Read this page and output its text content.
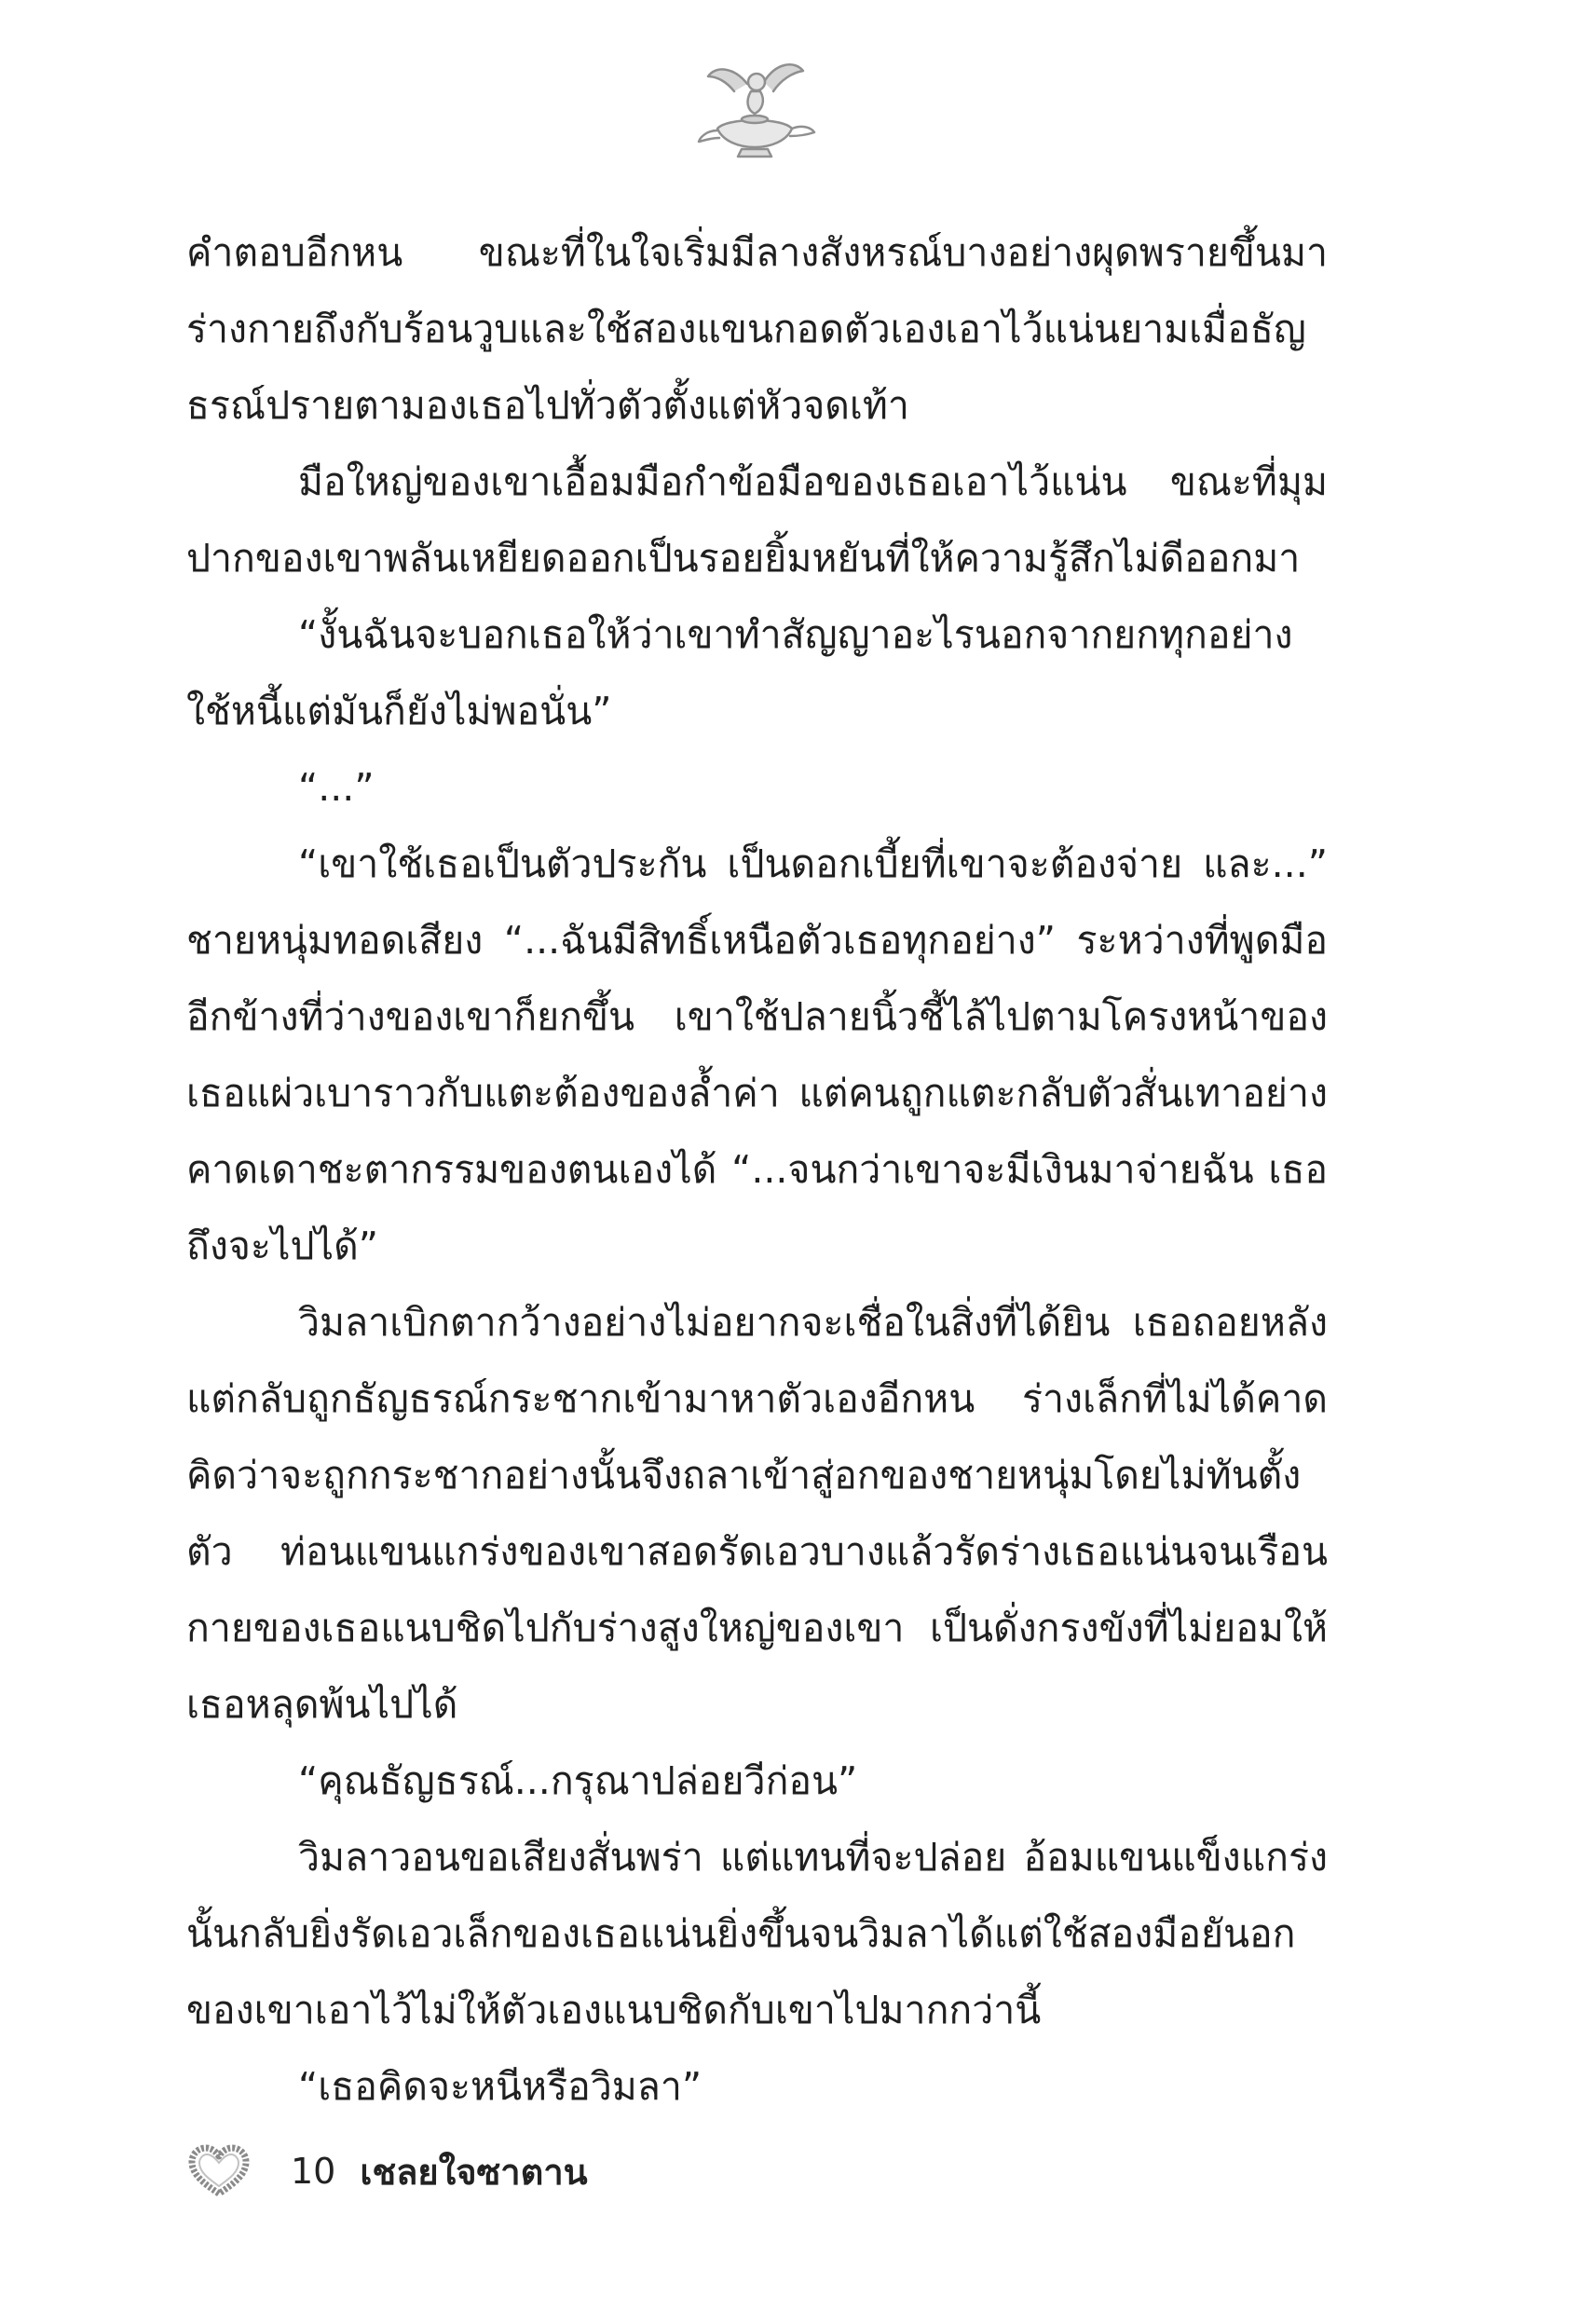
คำตอบอีกหน ขณะที่ในใจเริ่มมีลางสังหรณ์บางอย่างผุดพรายขึ้นมา ร่างกายถึงกับร้อนวูบและใช้สองแขนกอดตัวเองเอาไว้แน่นยามเมื่อธัญธรณ์ปรายตามองเธอไปทั่วตัวตั้งแต่หัวจดเท้า

มือใหญ่ของเขาเอื้อมมือกำข้อมือของเธอเอาไว้แน่น ขณะที่มุมปากของเขาพลันเหยียดออกเป็นรอยยิ้มหยันที่ให้ความรู้สึกไม่ดีออกมา

“งั้นฉันจะบอกเธอให้ว่าเขาทำสัญญาอะไรนอกจากยกทุกอย่างใช้หนี้แต่มันก็ยังไม่พอนั่น”

“...”

“เขาใช้เธอเป็นตัวประกัน เป็นดอกเบี้ยที่เขาจะต้องจ่าย และ...” ชายหนุ่มทอดเสียง “...ฉันมีสิทธิ์เหนือตัวเธอทุกอย่าง” ระหว่างที่พูดมืออีกข้างที่ว่างของเขาก็ยกขึ้น เขาใช้ปลายนิ้วชี้ไล้ไปตามโครงหน้าของเธอแผ่วเบาราวกับแตะต้องของล้ำค่า แต่คนถูกแตะกลับตัวสั่นเทาอย่างคาดเดาชะตากรรมของตนเองได้ “...จนกว่าเขาจะมีเงินมาจ่ายฉัน เธอถึงจะไปได้”

วิมลาเบิกตากว้างอย่างไม่อยากจะเชื่อในสิ่งที่ได้ยิน เธอถอยหลังแต่กลับถูกธัญธรณ์กระชากเข้ามาหาตัวเองอีกหน ร่างเล็กที่ไม่ได้คาดคิดว่าจะถูกกระชากอย่างนั้นจึงถลาเข้าสู่อกของชายหนุ่มโดยไม่ทันตั้งตัว ท่อนแขนแกร่งของเขาสอดรัดเอวบางแล้วรัดร่างเธอแน่นจนเรือนกายของเธอแนบชิดไปกับร่างสูงใหญ่ของเขา เป็นดั่งกรงขังที่ไม่ยอมให้เธอหลุดพ้นไปได้

“คุณธัญธรณ์...กรุณาปล่อยวีก่อน”

วิมลาวอนขอเสียงสั่นพร่า แต่แทนที่จะปล่อย อ้อมแขนแข็งแกร่งนั้นกลับยิ่งรัดเอวเล็กของเธอแน่นยิ่งขึ้นจนวิมลาได้แต่ใช้สองมือยันอกของเขาเอาไว้ไม่ให้ตัวเองแนบชิดกับเขาไปมากกว่านี้

“เธอคิดจะหนีหรือวิมลา”

10 เชลยใจซาตาน
